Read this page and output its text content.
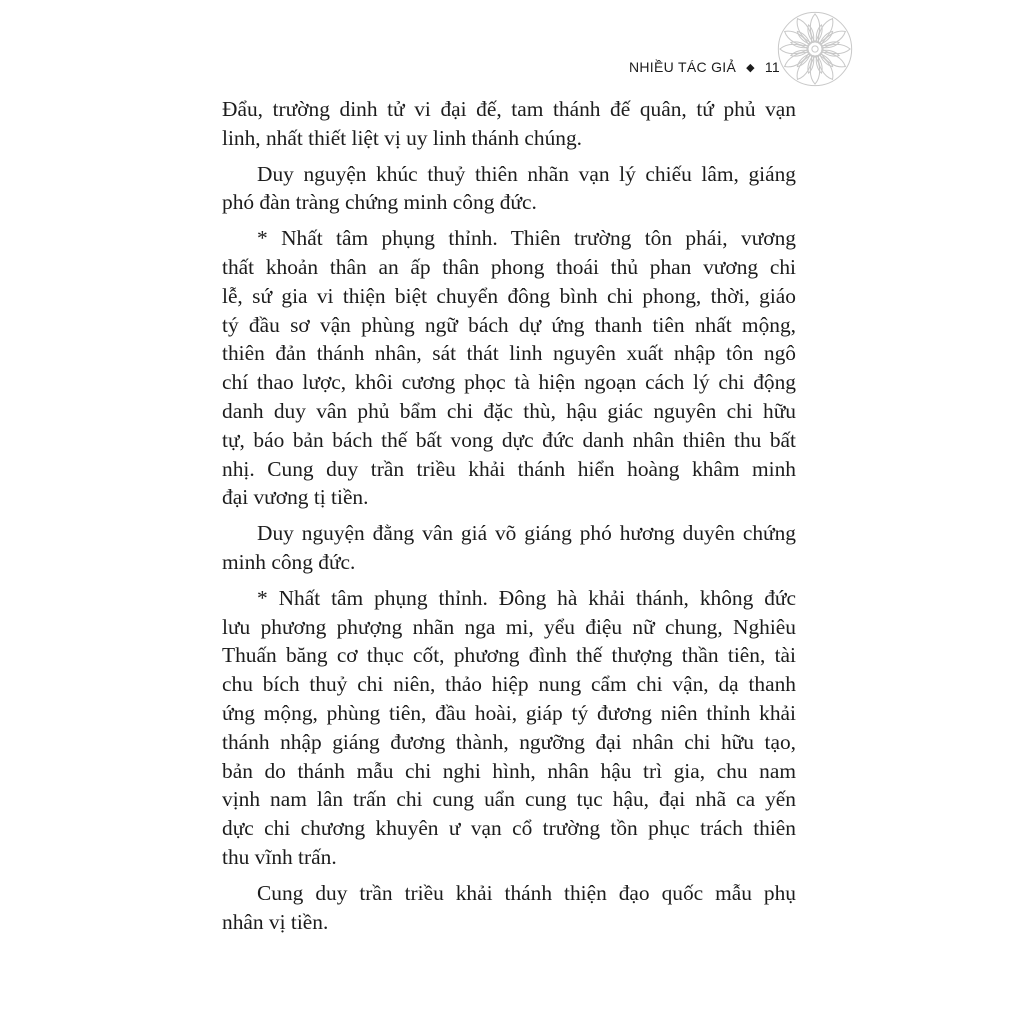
NHIỀU TÁC GIẢ ◆ 11

Đẩu, trường dinh tử vi đại đế, tam thánh đế quân, tứ phủ vạn
linh, nhất thiết liệt vị uy linh thánh chúng.

Duy nguyện khúc thuỷ thiên nhãn vạn lý chiếu lâm, giáng
phó đàn tràng chứng minh công đức.

* Nhất tâm phụng thỉnh. Thiên trường tôn phái, vương
thất khoản thân an ấp thân phong thoái thủ phan vương chi
lễ, sứ gia vi thiện biệt chuyển đông bình chi phong, thời, giáo
tý đầu sơ vận phùng ngữ bách dự ứng thanh tiên nhất mộng,
thiên đản thánh nhân, sát thát linh nguyên xuất nhập tôn ngô
chí thao lược, khôi cương phọc tà hiện ngoạn cách lý chi động
danh duy vân phủ bẩm chi đặc thù, hậu giác nguyên chi hữu
tự, báo bản bách thế bất vong dực đức danh nhân thiên thu bất
nhị. Cung duy trần triều khải thánh hiển hoàng khâm minh
đại vương tị tiền.

Duy nguyện đằng vân giá võ giáng phó hương duyên chứng
minh công đức.

* Nhất tâm phụng thỉnh. Đông hà khải thánh, không đức
lưu phương phượng nhãn nga mi, yểu điệu nữ chung, Nghiêu
Thuấn băng cơ thục cốt, phương đình thế thượng thần tiên, tài
chu bích thuỷ chi niên, thảo hiệp nung cẩm chi vận, dạ thanh
ứng mộng, phùng tiên, đầu hoài, giáp tý đương niên thỉnh khải
thánh nhập giáng đương thành, ngưỡng đại nhân chi hữu tạo,
bản do thánh mẫu chi nghi hình, nhân hậu trì gia, chu nam
vịnh nam lân trấn chi cung uẩn cung tục hậu, đại nhã ca yến
dực chi chương khuyên ư vạn cổ trường tồn phục trách thiên
thu vĩnh trấn.

Cung duy trần triều khải thánh thiện đạo quốc mẫu phụ
nhân vị tiền.
